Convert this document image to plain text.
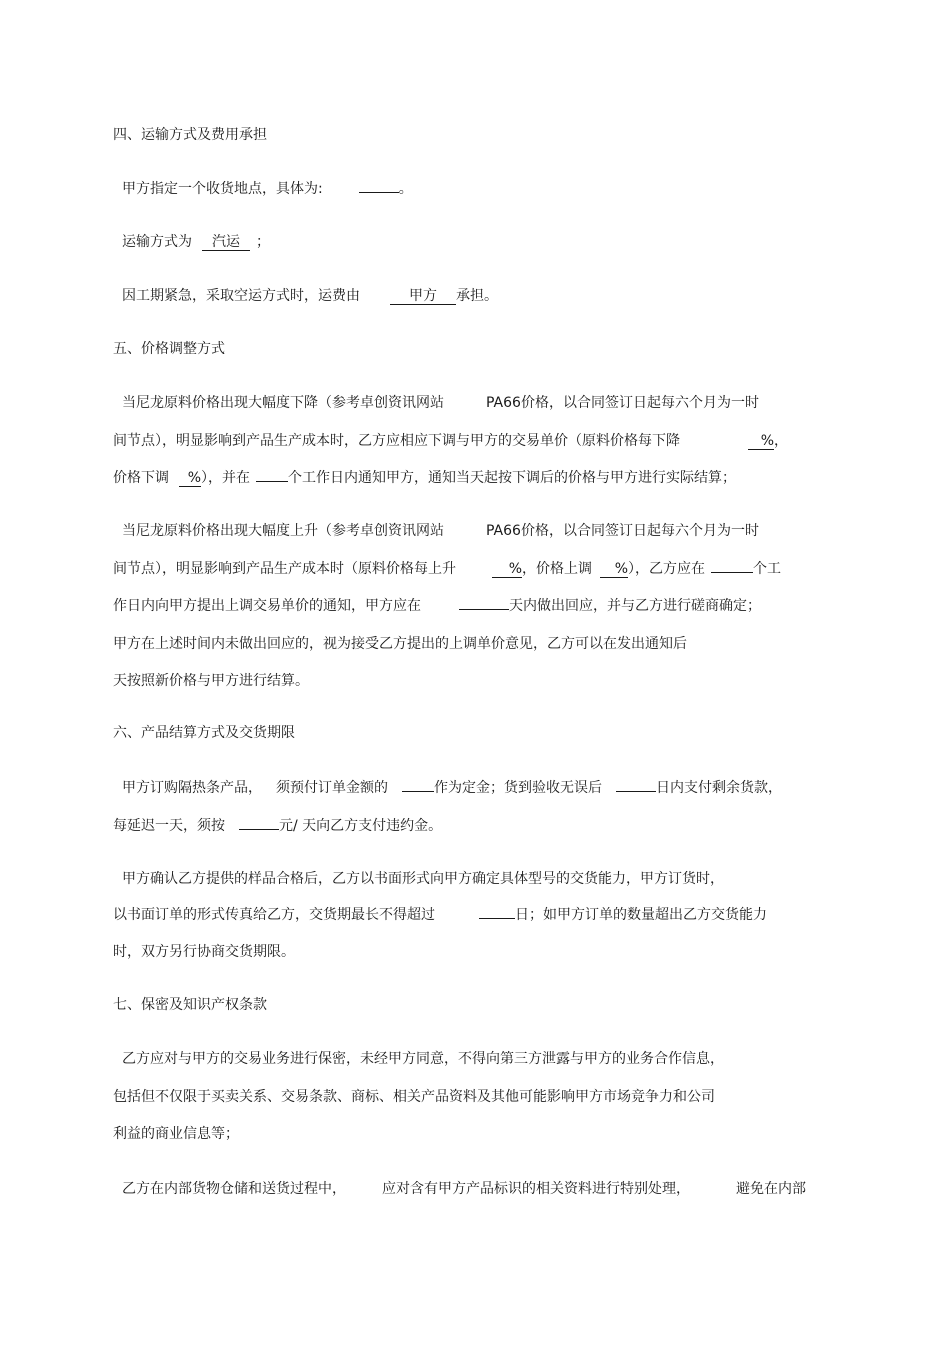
四、运输方式及费用承担
甲方指定一个收货地点，具体为:	。
运输方式为 汽运 ；
因工期紧急，采取空运方式时，运费由	甲方 承担。
五、价格调整方式
当尼龙原料价格出现大幅度下降（参考卓创资讯网站	PA66价格，以合同签订日起每六个月为一时
间节点），明显影响到产品生产成本时，乙方应相应下调与甲方的交易单价（原料价格每下降	%，
价格下调 %），并在	个工作日内通知甲方，通知当天起按下调后的价格与甲方进行实际结算；
当尼龙原料价格出现大幅度上升（参考卓创资讯网站	PA66价格，以合同签订日起每六个月为一时
间节点），明显影响到产品生产成本时（原料价格每上升	%，价格上调 %），乙方应在	个工
作日内向甲方提出上调交易单价的通知，甲方应在	天内做出回应，并与乙方进行磋商确定；
甲方在上述时间内未做出回应的，视为接受乙方提出的上调单价意见，乙方可以在发出通知后
天按照新价格与甲方进行结算。
六、产品结算方式及交货期限
甲方订购隔热条产品， 须预付订单金额的	作为定金；货到验收无误后	日内支付剩余货款，
每延迟一天，须按	元/ 天向乙方支付违约金。
甲方确认乙方提供的样品合格后，乙方以书面形式向甲方确定具体型号的交货能力，甲方订货时，
以书面订单的形式传真给乙方，交货期最长不得超过	日；如甲方订单的数量超出乙方交货能力
时，双方另行协商交货期限。
七、保密及知识产权条款
乙方应对与甲方的交易业务进行保密，未经甲方同意，不得向第三方泄露与甲方的业务合作信息，
包括但不仅限于买卖关系、交易条款、商标、相关产品资料及其他可能影响甲方市场竞争力和公司
利益的商业信息等；
乙方在内部货物仓储和送货过程中，	应对含有甲方产品标识的相关资料进行特别处理，	避免在内部
